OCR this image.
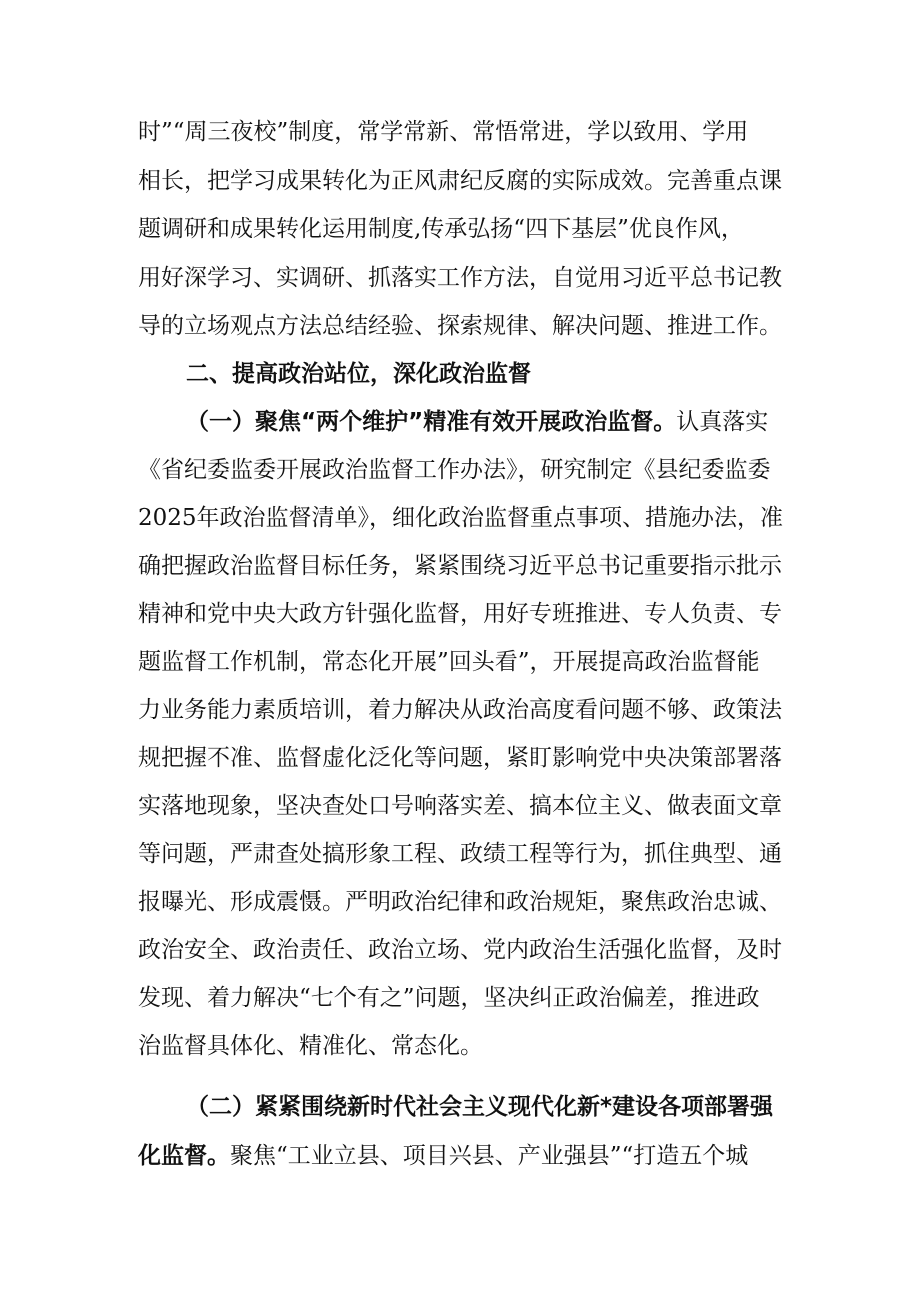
时”“周三夜校”制度，常学常新、常悟常进，学以致用、学用
相长，把学习成果转化为正风肃纪反腐的实际成效。完善重点课
题调研和成果转化运用制度,传承弘扬“四下基层”优良作风，
用好深学习、实调研、抓落实工作方法，自觉用习近平总书记教
导的立场观点方法总结经验、探索规律、解决问题、推进工作。
二、提高政治站位，深化政治监督
（一）聚焦“两个维护”精准有效开展政治监督。认真落实
《省纪委监委开展政治监督工作办法》，研究制定《县纪委监委
2025年政治监督清单》，细化政治监督重点事项、措施办法，准
确把握政治监督目标任务，紧紧围绕习近平总书记重要指示批示
精神和党中央大政方针强化监督，用好专班推进、专人负责、专
题监督工作机制，常态化开展”回头看”，开展提高政治监督能
力业务能力素质培训，着力解决从政治高度看问题不够、政策法
规把握不准、监督虚化泛化等问题，紧盯影响党中央决策部署落
实落地现象，坚决查处口号响落实差、搞本位主义、做表面文章
等问题，严肃查处搞形象工程、政绩工程等行为，抓住典型、通
报曝光、形成震慑。严明政治纪律和政治规矩，聚焦政治忠诚、
政治安全、政治责任、政治立场、党内政治生活强化监督，及时
发现、着力解决“七个有之”问题，坚决纠正政治偏差，推进政
治监督具体化、精准化、常态化。
（二）紧紧围绕新时代社会主义现代化新*建设各项部署强
化监督。聚焦“工业立县、项目兴县、产业强县”“打造五个城
